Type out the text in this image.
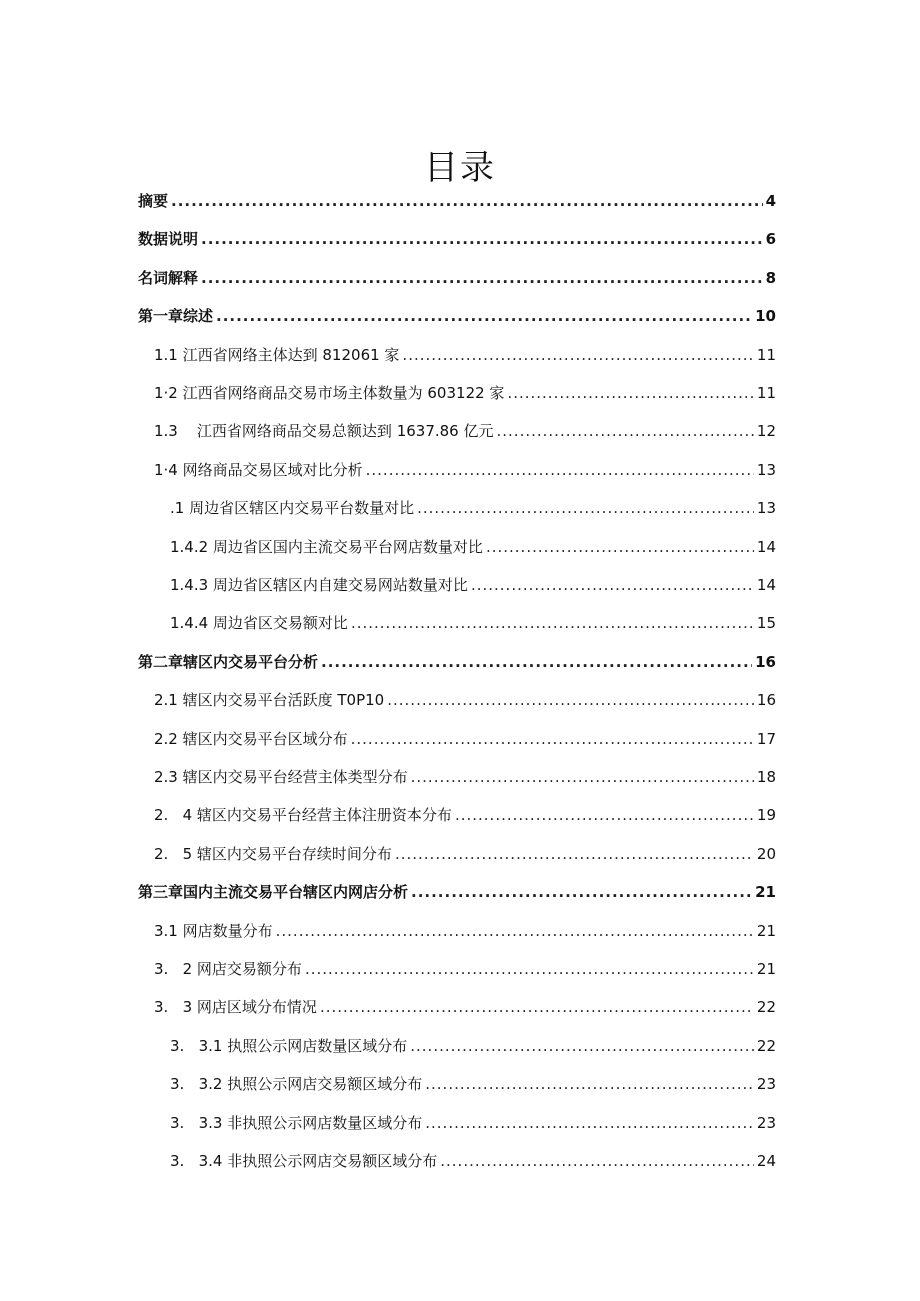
目录
摘要 .....	4
数据说明 .....	6
名词解释 .....	8
第一章综述 .....	10
1.1 江西省网络主体达到 812061 家 .....	11
1·2 江西省网络商品交易市场主体数量为 603122 家 .....	11
1.3    江西省网络商品交易总额达到 1637.86 亿元 .....	12
1·4 网络商品交易区域对比分析 .....	13
.1 周边省区辖区内交易平台数量对比 .....	13
1.4.2 周边省区国内主流交易平台网店数量对比 .....	14
1.4.3 周边省区辖区内自建交易网站数量对比 .....	14
1.4.4 周边省区交易额对比 .....	15
第二章辖区内交易平台分析 .....	16
2.1 辖区内交易平台活跃度 T0P10 .....	16
2.2 辖区内交易平台区域分布 .....	17
2.3 辖区内交易平台经营主体类型分布 .....	18
2.   4 辖区内交易平台经营主体注册资本分布 .....	19
2.   5 辖区内交易平台存续时间分布 .....	20
第三章国内主流交易平台辖区内网店分析 .....	21
3.1 网店数量分布 .....	21
3.   2 网店交易额分布 .....	21
3.   3 网店区域分布情况 .....	22
3.   3.1 执照公示网店数量区域分布 .....	22
3.   3.2 执照公示网店交易额区域分布 .....	23
3.   3.3 非执照公示网店数量区域分布 .....	23
3.   3.4 非执照公示网店交易额区域分布 .....	24
